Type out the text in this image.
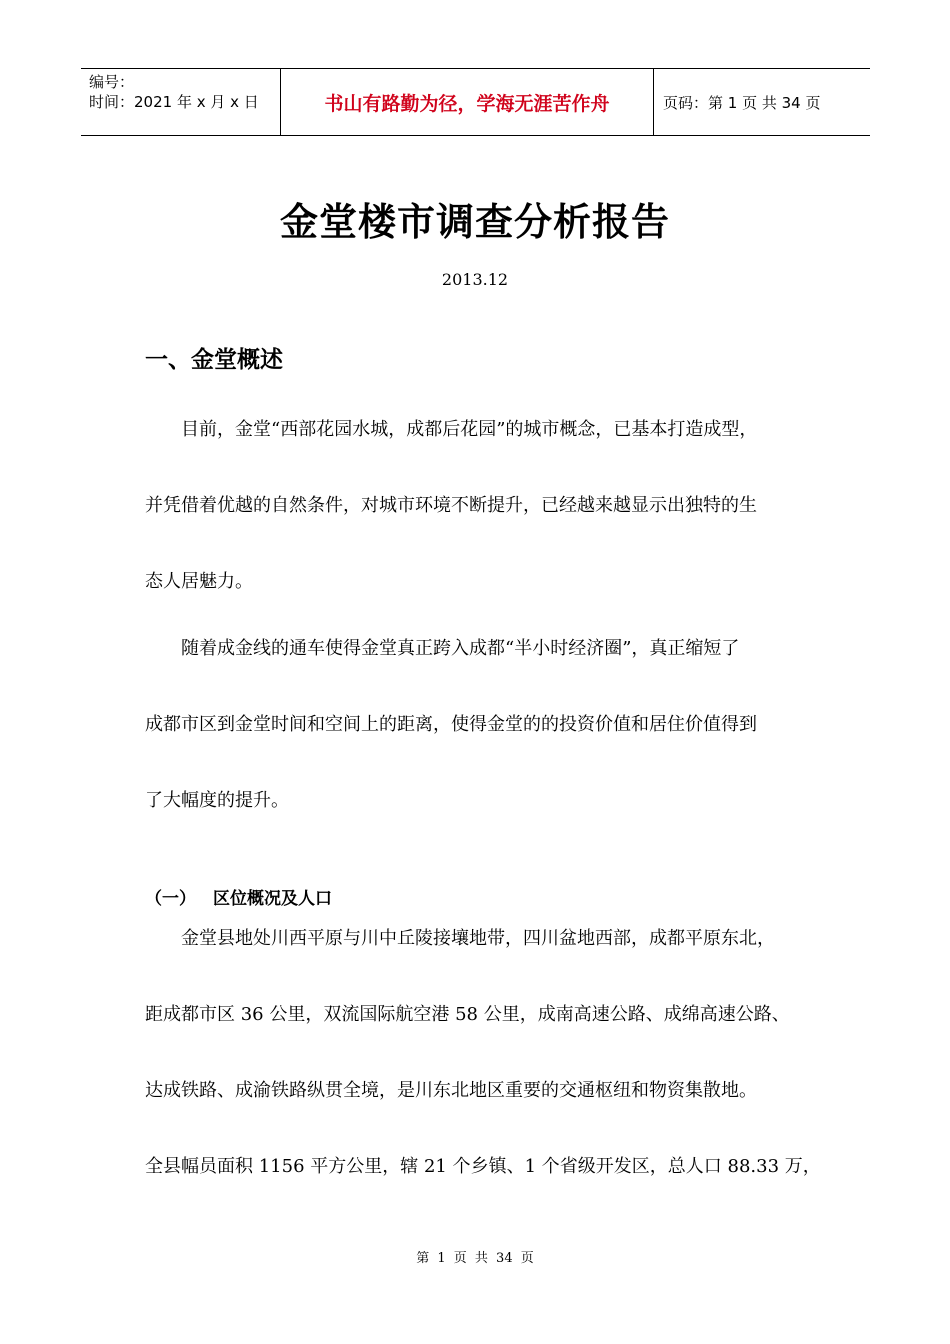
编号：
时间：2021 年 x 月 x 日	书山有路勤为径，学海无涯苦作舟	页码：第 1 页 共 34 页
金堂楼市调查分析报告
2013.12
一、金堂概述
　　目前，金堂“西部花园水城，成都后花园”的城市概念，已基本打造成型，
并凭借着优越的自然条件，对城市环境不断提升，已经越来越显示出独特的生
态人居魅力。
　　随着成金线的通车使得金堂真正跨入成都“半小时经济圈”，真正缩短了
成都市区到金堂时间和空间上的距离，使得金堂的的投资价值和居住价值得到
了大幅度的提升。
（一） 区位概况及人口
　　金堂县地处川西平原与川中丘陵接壤地带，四川盆地西部，成都平原东北，
距成都市区 36 公里，双流国际航空港 58 公里，成南高速公路、成绵高速公路、
达成铁路、成渝铁路纵贯全境，是川东北地区重要的交通枢纽和物资集散地。
全县幅员面积 1156 平方公里，辖 21 个乡镇、1 个省级开发区，总人口 88.33 万，
第 1 页 共 34 页
